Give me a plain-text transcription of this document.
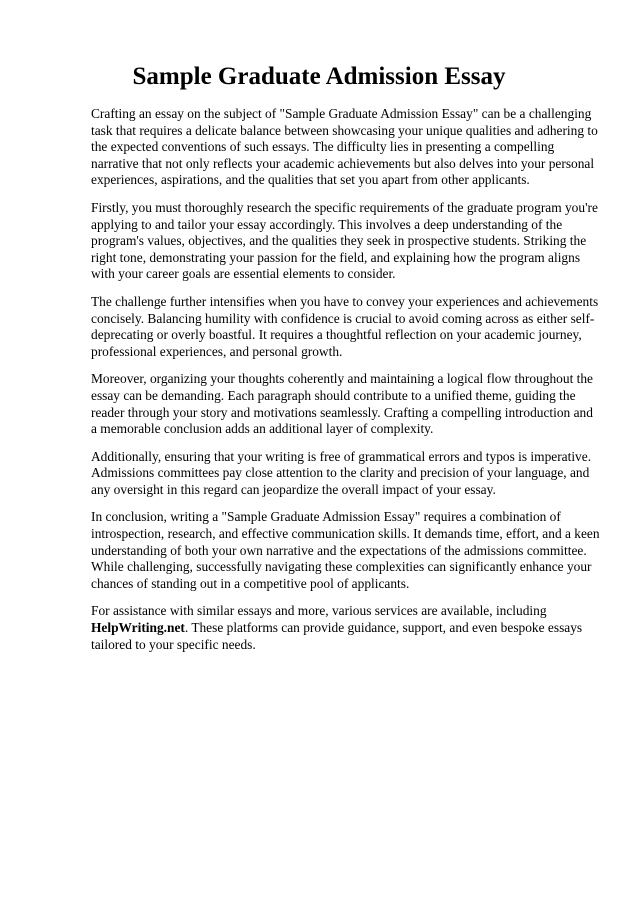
Sample Graduate Admission Essay

Crafting an essay on the subject of "Sample Graduate Admission Essay" can be a challenging task that requires a delicate balance between showcasing your unique qualities and adhering to the expected conventions of such essays. The difficulty lies in presenting a compelling narrative that not only reflects your academic achievements but also delves into your personal experiences, aspirations, and the qualities that set you apart from other applicants.

Firstly, you must thoroughly research the specific requirements of the graduate program you're applying to and tailor your essay accordingly. This involves a deep understanding of the program's values, objectives, and the qualities they seek in prospective students. Striking the right tone, demonstrating your passion for the field, and explaining how the program aligns with your career goals are essential elements to consider.

The challenge further intensifies when you have to convey your experiences and achievements concisely. Balancing humility with confidence is crucial to avoid coming across as either self-deprecating or overly boastful. It requires a thoughtful reflection on your academic journey, professional experiences, and personal growth.

Moreover, organizing your thoughts coherently and maintaining a logical flow throughout the essay can be demanding. Each paragraph should contribute to a unified theme, guiding the reader through your story and motivations seamlessly. Crafting a compelling introduction and a memorable conclusion adds an additional layer of complexity.

Additionally, ensuring that your writing is free of grammatical errors and typos is imperative. Admissions committees pay close attention to the clarity and precision of your language, and any oversight in this regard can jeopardize the overall impact of your essay.

In conclusion, writing a "Sample Graduate Admission Essay" requires a combination of introspection, research, and effective communication skills. It demands time, effort, and a keen understanding of both your own narrative and the expectations of the admissions committee. While challenging, successfully navigating these complexities can significantly enhance your chances of standing out in a competitive pool of applicants.

For assistance with similar essays and more, various services are available, including HelpWriting.net. These platforms can provide guidance, support, and even bespoke essays tailored to your specific needs.
